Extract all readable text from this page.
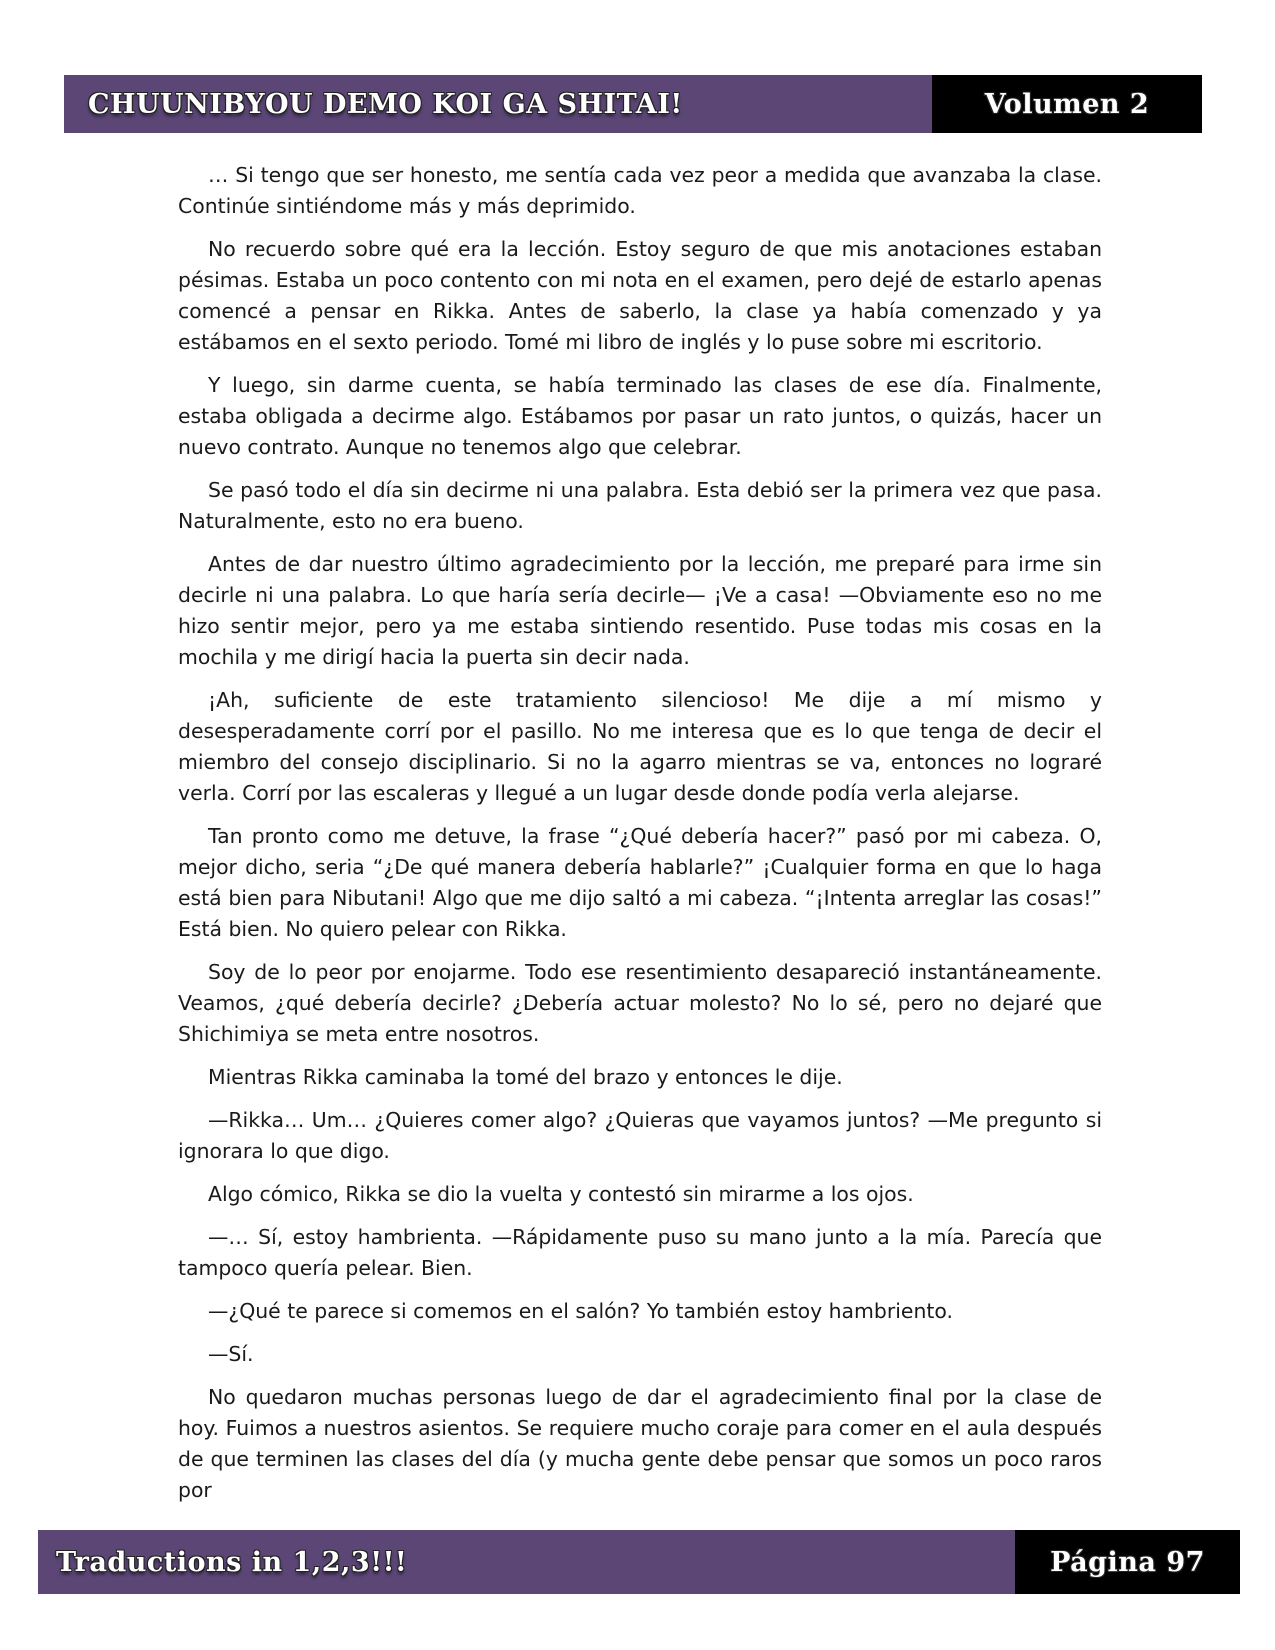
CHUUNIBYOU DEMO KOI GA SHITAI!	Volumen 2

… Si tengo que ser honesto, me sentía cada vez peor a medida que avanzaba la clase. Continúe sintiéndome más y más deprimido.

No recuerdo sobre qué era la lección. Estoy seguro de que mis anotaciones estaban pésimas. Estaba un poco contento con mi nota en el examen, pero dejé de estarlo apenas comencé a pensar en Rikka. Antes de saberlo, la clase ya había comenzado y ya estábamos en el sexto periodo. Tomé mi libro de inglés y lo puse sobre mi escritorio.

Y luego, sin darme cuenta, se había terminado las clases de ese día. Finalmente, estaba obligada a decirme algo. Estábamos por pasar un rato juntos, o quizás, hacer un nuevo contrato. Aunque no tenemos algo que celebrar.

Se pasó todo el día sin decirme ni una palabra. Esta debió ser la primera vez que pasa. Naturalmente, esto no era bueno.

Antes de dar nuestro último agradecimiento por la lección, me preparé para irme sin decirle ni una palabra. Lo que haría sería decirle— ¡Ve a casa! —Obviamente eso no me hizo sentir mejor, pero ya me estaba sintiendo resentido. Puse todas mis cosas en la mochila y me dirigí hacia la puerta sin decir nada.

¡Ah, suficiente de este tratamiento silencioso! Me dije a mí mismo y desesperadamente corrí por el pasillo. No me interesa que es lo que tenga de decir el miembro del consejo disciplinario. Si no la agarro mientras se va, entonces no lograré verla. Corrí por las escaleras y llegué a un lugar desde donde podía verla alejarse.

Tan pronto como me detuve, la frase “¿Qué debería hacer?” pasó por mi cabeza. O, mejor dicho, seria “¿De qué manera debería hablarle?” ¡Cualquier forma en que lo haga está bien para Nibutani! Algo que me dijo saltó a mi cabeza. “¡Intenta arreglar las cosas!” Está bien. No quiero pelear con Rikka.

Soy de lo peor por enojarme. Todo ese resentimiento desapareció instantáneamente. Veamos, ¿qué debería decirle? ¿Debería actuar molesto? No lo sé, pero no dejaré que Shichimiya se meta entre nosotros.

Mientras Rikka caminaba la tomé del brazo y entonces le dije.

—Rikka… Um… ¿Quieres comer algo? ¿Quieras que vayamos juntos? —Me pregunto si ignorara lo que digo.

Algo cómico, Rikka se dio la vuelta y contestó sin mirarme a los ojos.

—… Sí, estoy hambrienta. —Rápidamente puso su mano junto a la mía. Parecía que tampoco quería pelear. Bien.

—¿Qué te parece si comemos en el salón? Yo también estoy hambriento.

—Sí.

No quedaron muchas personas luego de dar el agradecimiento final por la clase de hoy. Fuimos a nuestros asientos. Se requiere mucho coraje para comer en el aula después de que terminen las clases del día (y mucha gente debe pensar que somos un poco raros por

Traductions in 1,2,3!!!	Página 97
